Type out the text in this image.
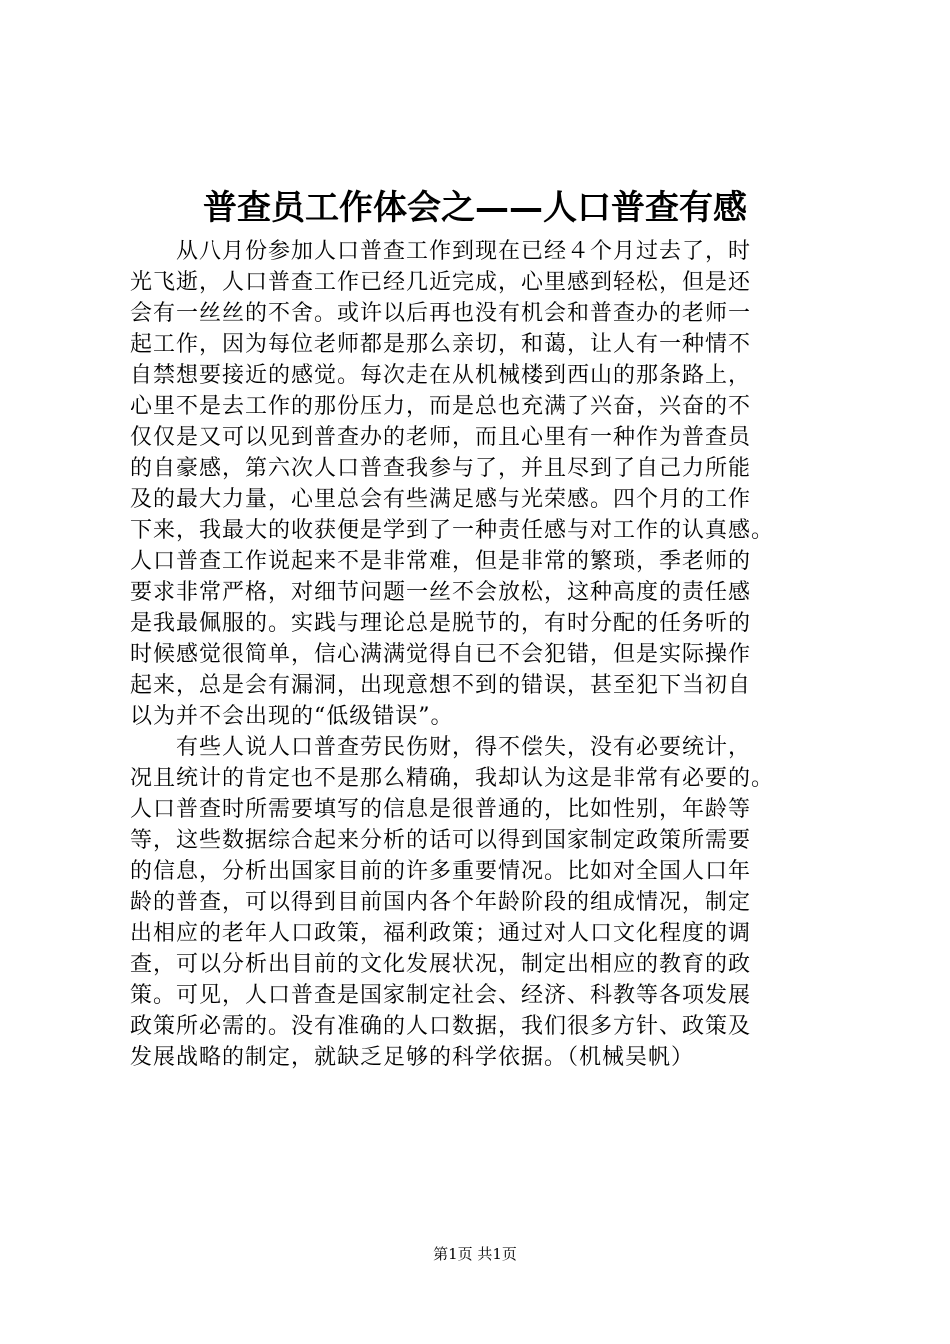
普查员工作体会之——人口普查有感
　　从八月份参加人口普查工作到现在已经４个月过去了，时
光飞逝，人口普查工作已经几近完成，心里感到轻松，但是还
会有一丝丝的不舍。或许以后再也没有机会和普查办的老师一
起工作，因为每位老师都是那么亲切，和蔼，让人有一种情不
自禁想要接近的感觉。每次走在从机械楼到西山的那条路上，
心里不是去工作的那份压力，而是总也充满了兴奋，兴奋的不
仅仅是又可以见到普查办的老师，而且心里有一种作为普查员
的自豪感，第六次人口普查我参与了，并且尽到了自己力所能
及的最大力量，心里总会有些满足感与光荣感。四个月的工作
下来，我最大的收获便是学到了一种责任感与对工作的认真感。
人口普查工作说起来不是非常难，但是非常的繁琐，季老师的
要求非常严格，对细节问题一丝不会放松，这种高度的责任感
是我最佩服的。实践与理论总是脱节的，有时分配的任务听的
时候感觉很简单，信心满满觉得自已不会犯错，但是实际操作
起来，总是会有漏洞，出现意想不到的错误，甚至犯下当初自
以为并不会出现的“低级错误”。
　　有些人说人口普查劳民伤财，得不偿失，没有必要统计，
况且统计的肯定也不是那么精确，我却认为这是非常有必要的。
人口普查时所需要填写的信息是很普通的，比如性别，年龄等
等，这些数据综合起来分析的话可以得到国家制定政策所需要
的信息，分析出国家目前的许多重要情况。比如对全国人口年
龄的普查，可以得到目前国内各个年龄阶段的组成情况，制定
出相应的老年人口政策，福利政策；通过对人口文化程度的调
查，可以分析出目前的文化发展状况，制定出相应的教育的政
策。可见，人口普查是国家制定社会、经济、科教等各项发展
政策所必需的。没有准确的人口数据，我们很多方针、政策及
发展战略的制定，就缺乏足够的科学依据。（机械吴帆）
第1页 共1页
